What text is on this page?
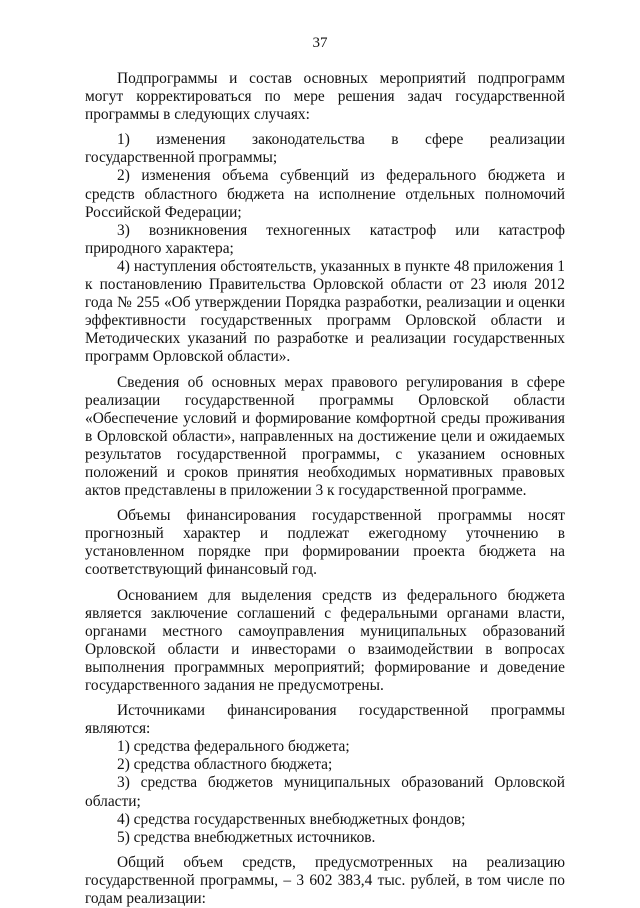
37

Подпрограммы и состав основных мероприятий подпрограмм могут корректироваться по мере решения задач государственной программы в следующих случаях:

1) изменения законодательства в сфере реализации государственной программы;

2) изменения объема субвенций из федерального бюджета и средств областного бюджета на исполнение отдельных полномочий Российской Федерации;

3) возникновения техногенных катастроф или катастроф природного характера;

4) наступления обстоятельств, указанных в пункте 48 приложения 1 к постановлению Правительства Орловской области от 23 июля 2012 года № 255 «Об утверждении Порядка разработки, реализации и оценки эффективности государственных программ Орловской области и Методических указаний по разработке и реализации государственных программ Орловской области».

Сведения об основных мерах правового регулирования в сфере реализации государственной программы Орловской области «Обеспечение условий и формирование комфортной среды проживания в Орловской области», направленных на достижение цели и ожидаемых результатов государственной программы, с указанием основных положений и сроков принятия необходимых нормативных правовых актов представлены в приложении 3 к государственной программе.

Объемы финансирования государственной программы носят прогнозный характер и подлежат ежегодному уточнению в установленном порядке при формировании проекта бюджета на соответствующий финансовый год.

Основанием для выделения средств из федерального бюджета является заключение соглашений с федеральными органами власти, органами местного самоуправления муниципальных образований Орловской области и инвесторами о взаимодействии в вопросах выполнения программных мероприятий; формирование и доведение государственного задания не предусмотрены.

Источниками финансирования государственной программы являются:

1) средства федерального бюджета;

2) средства областного бюджета;

3) средства бюджетов муниципальных образований Орловской области;

4) средства государственных внебюджетных фондов;

5) средства внебюджетных источников.

Общий объем средств, предусмотренных на реализацию государственной программы, – 3 602 383,4 тыс. рублей, в том числе по годам реализации:
